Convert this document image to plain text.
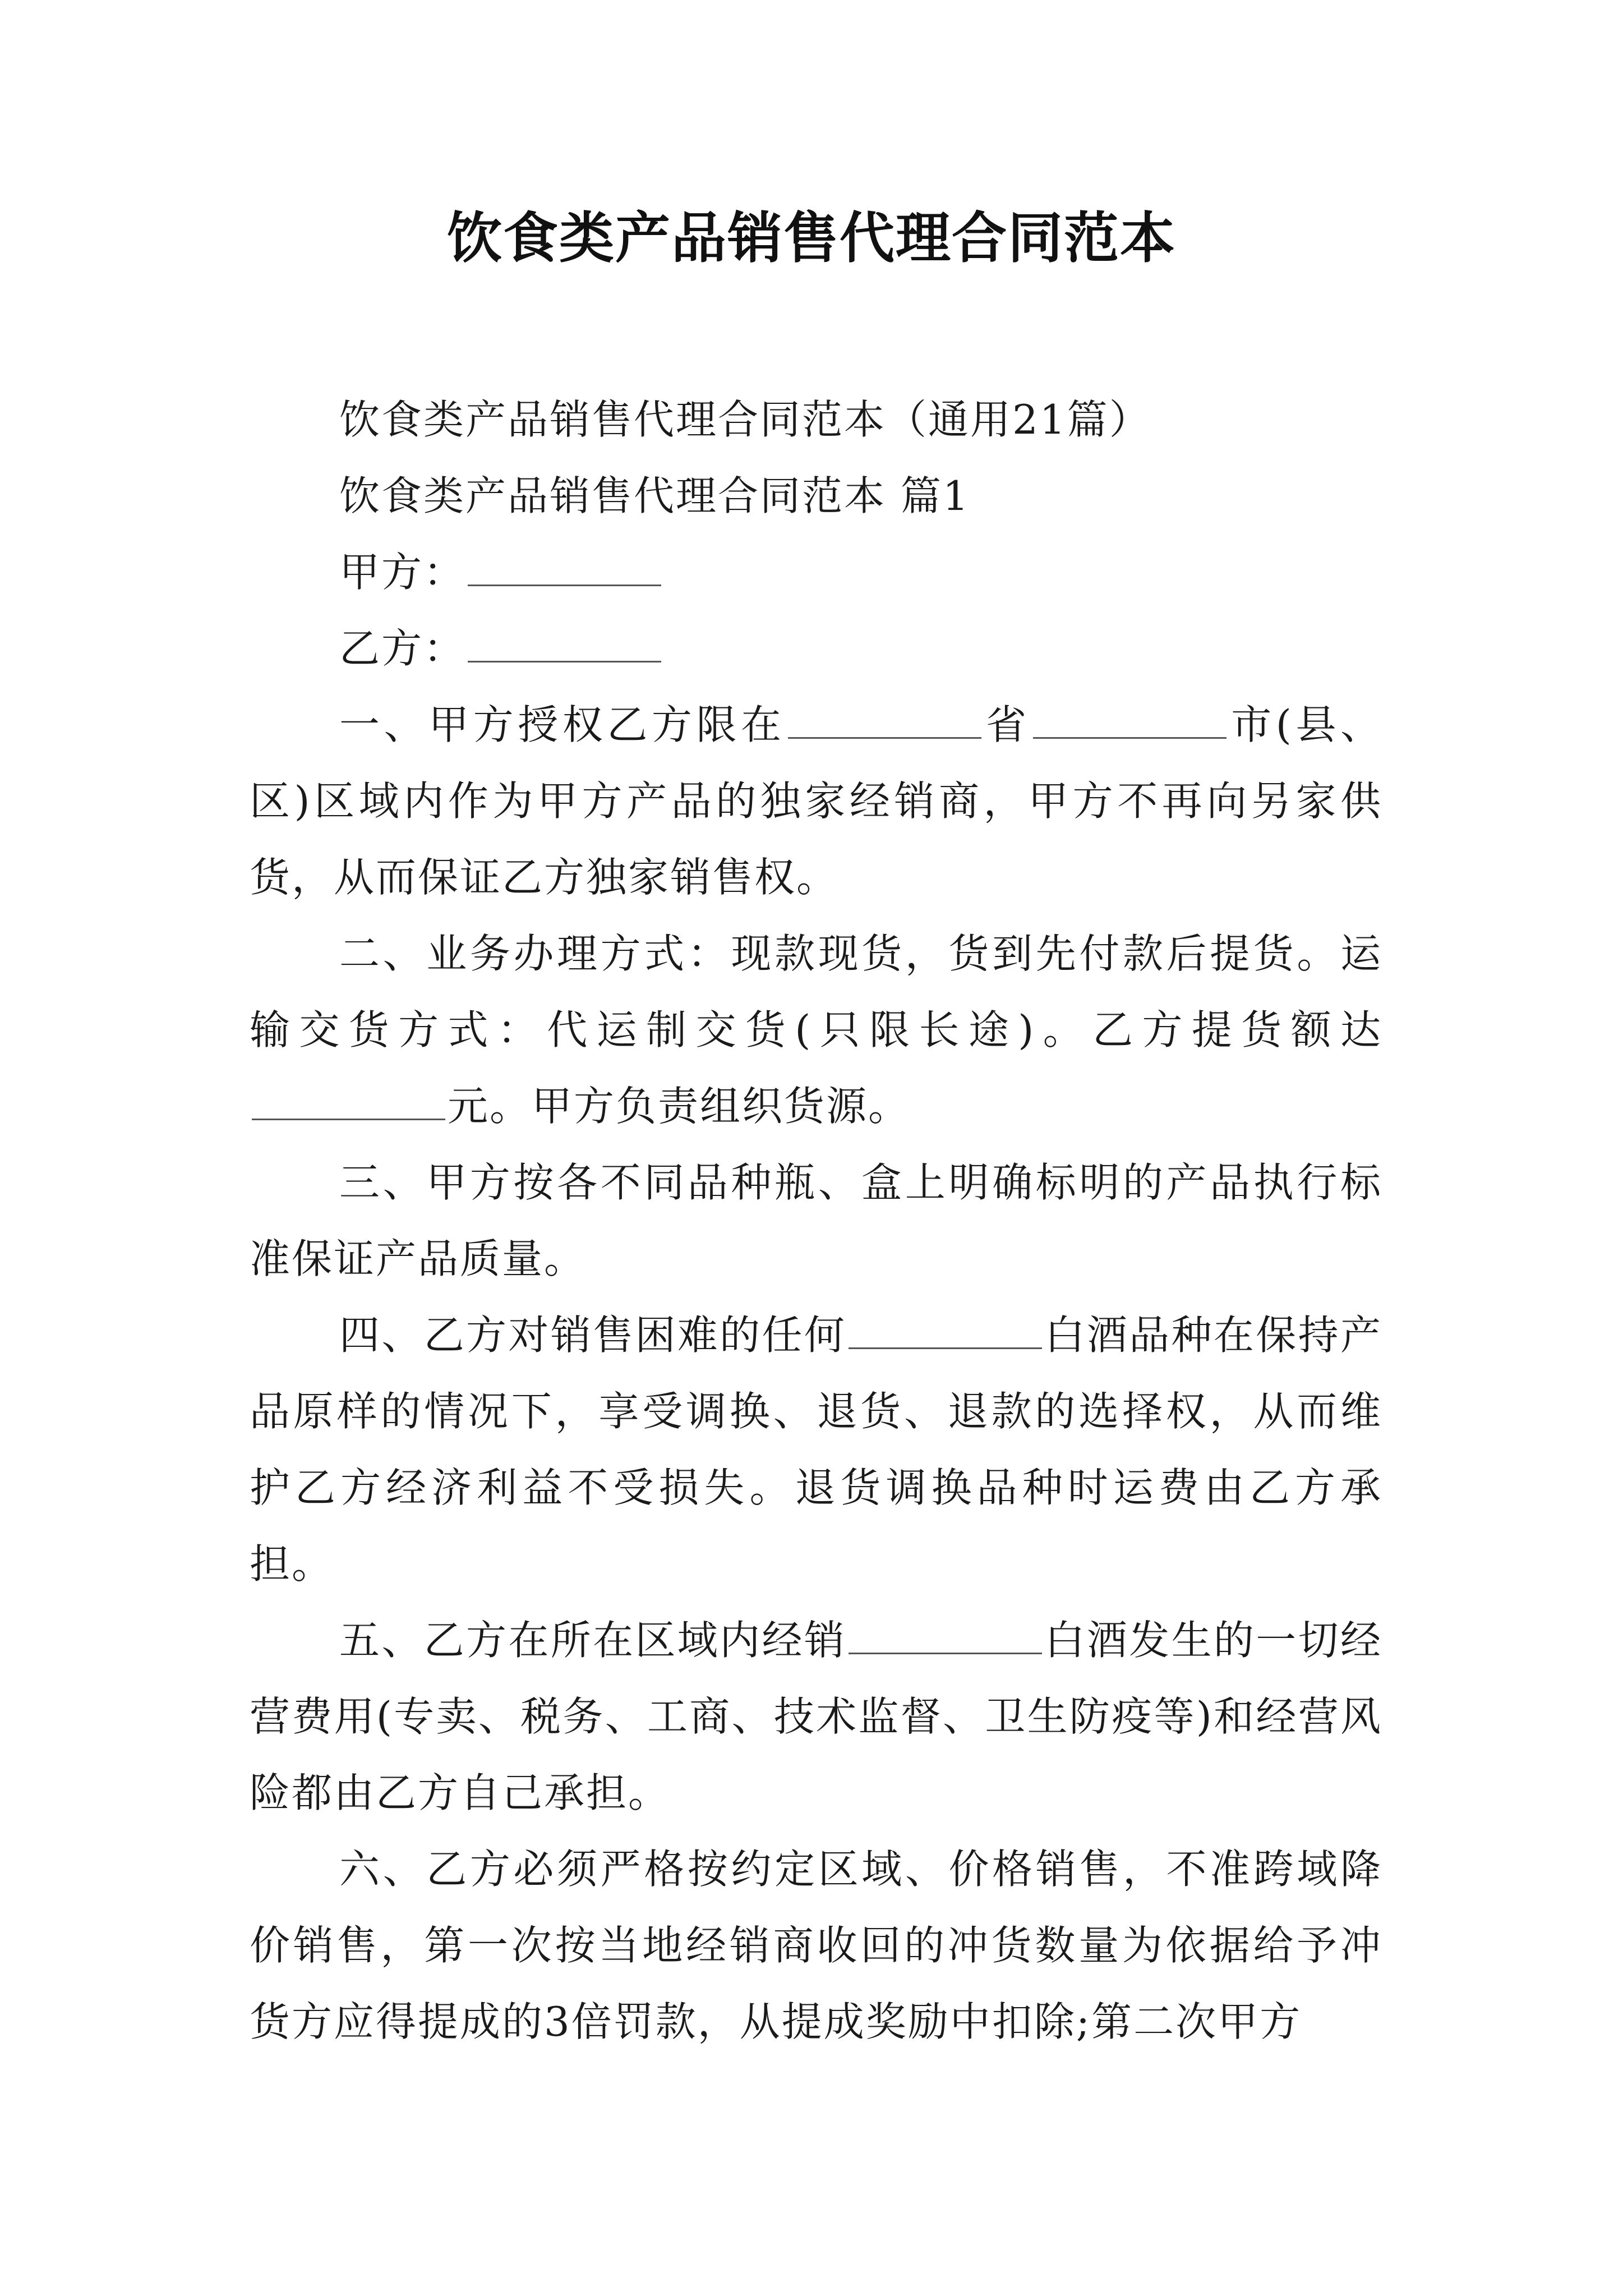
饮食类产品销售代理合同范本

饮食类产品销售代理合同范本（通用21篇）

饮食类产品销售代理合同范本 篇1

甲方：

乙方：

一、甲方授权乙方限在	省	市(县、区)区域内作为甲方产品的独家经销商，甲方不再向另家供货，从而保证乙方独家销售权。

二、业务办理方式：现款现货，货到先付款后提货。运输交货方式：代运制交货(只限长途)。乙方提货额达元。甲方负责组织货源。

三、甲方按各不同品种瓶、盒上明确标明的产品执行标准保证产品质量。

四、乙方对销售困难的任何	白酒品种在保持产品原样的情况下，享受调换、退货、退款的选择权，从而维护乙方经济利益不受损失。退货调换品种时运费由乙方承担。

五、乙方在所在区域内经销	白酒发生的一切经营费用(专卖、税务、工商、技术监督、卫生防疫等)和经营风险都由乙方自己承担。

六、乙方必须严格按约定区域、价格销售，不准跨域降价销售，第一次按当地经销商收回的冲货数量为依据给予冲货方应得提成的3倍罚款，从提成奖励中扣除;第二次甲方
